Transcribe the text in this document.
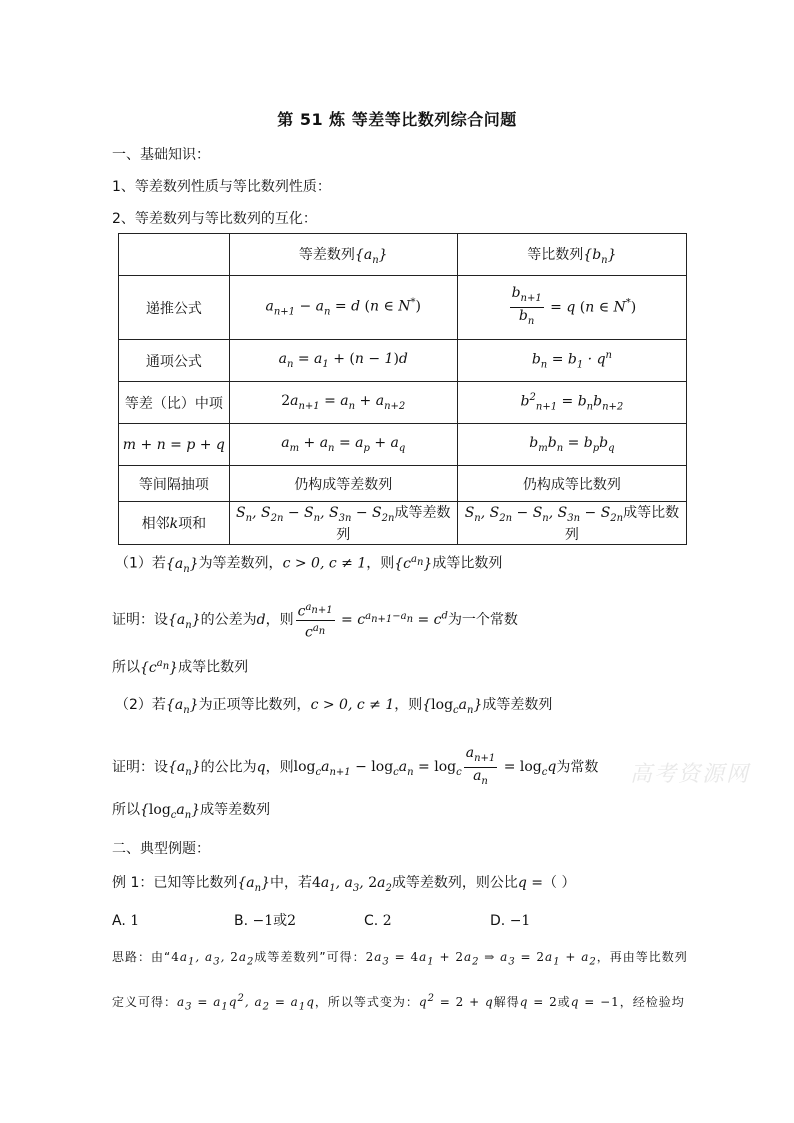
第 51 炼 等差等比数列综合问题
一、基础知识：
1、等差数列性质与等比数列性质：
2、等差数列与等比数列的互化：
	等差数列$\{a_n\}$	等比数列$\{b_n\}$
递推公式	$a_{n+1} - a_n = d$ (n ∈ N*)	$\frac{b_{n+1}}{b_n} = q$ (n ∈ N*)
通项公式	$a_n = a_1 + (n - 1)d$	$b_n = b_1 \cdot q^n$
等差（比）中项	$2a_{n+1} = a_n + a_{n+2}$	$b^2_{n+1} = b_nb_{n+2}$
m + n = p + q	$a_m + a_n = a_p + a_q$	$b_mb_n = b_pb_q$
等间隔抽项	仍构成等差数列	仍构成等比数列
相邻k项和	$S_n$, $S_{2n} - S_n$, $S_{3n} - S_{2n}$成等差数列	$S_n$, $S_{2n} - S_n$, $S_{3n} - S_{2n}$成等比数列
（1）若$\{a_n\}$为等差数列，c > 0, c ≠ 1，则$\{c^{a_n}\}$成等比数列
证明：设$\{a_n\}$的公差为d，则 $\frac{c^{a_{n+1}}}{c^{a_n}} = c^{a_{n+1}-a_n} = c^d$为一个常数
所以$\{c^{a_n}\}$成等比数列
（2）若$\{a_n\}$为正项等比数列，c > 0, c ≠ 1，则$\{\log_ca_n\}$成等差数列
证明：设$\{a_n\}$的公比为q，则$\log_ca_{n+1} - \log_ca_n = \log_c \frac{a_{n+1}}{a_n} = \log_cq$为常数 高考资源网
所以$\{\log_ca_n\}$成等差数列
二、典型例题：
例 1：已知等比数列$\{a_n\}$中，若$4a_1$, $a_3$, $2a_2$成等差数列，则公比q =（ ）
A. 1	B. −1或2	C. 2	D. −1
思路：由“$4a_1$, $a_3$, $2a_2$成等差数列”可得：$2a_3 = 4a_1 + 2a_2$ ⇒ $a_3 = 2a_1 + a_2$，再由等比数列
定义可得：$a_3 = a_1q^2$, $a_2 = a_1q$，所以等式变为：$q^2 = 2 + q$解得q = 2或q = −1，经检验均
